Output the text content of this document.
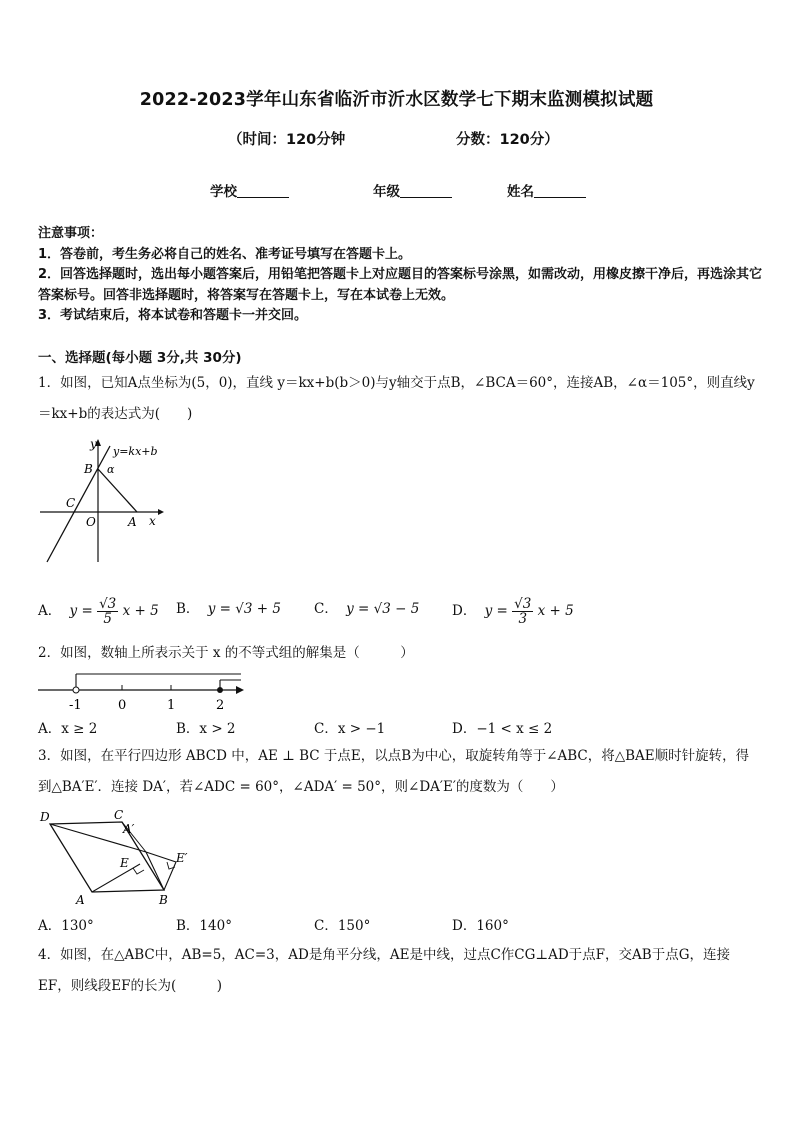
2022-2023学年山东省临沂市沂水区数学七下期末监测模拟试题
（时间：120分钟	分数：120分）
学校	年级	姓名
注意事项：
1．答卷前，考生务必将自己的姓名、准考证号填写在答题卡上。
2．回答选择题时，选出每小题答案后，用铅笔把答题卡上对应题目的答案标号涂黑，如需改动，用橡皮擦干净后，再选涂其它答案标号。回答非选择题时，将答案写在答题卡上，写在本试卷上无效。
3．考试结束后，将本试卷和答题卡一并交回。
一、选择题(每小题 3分,共 30分)
1．如图，已知A点坐标为(5，0)，直线 y＝kx+b(b＞0)与y轴交于点B，∠BCA＝60°，连接AB，∠α＝105°，则直线y＝kx+b的表达式为(　　)
y
y=kx+b
B α
C
O	A x
A． $y = \frac{√3}{5}$ x + 5 B． y = √3 + 5 C． y = √3 − 5 D． $y = \frac{√3}{3}$ x + 5
2．如图，数轴上所表示关于 x 的不等式组的解集是（　　　）
-1	0	1	2
A．x ≥ 2	B．x > 2	C．x > −1	D．−1 < x ≤ 2
3．如图，在平行四边形 ABCD 中，AE ⊥ BC 于点E，以点B为中心，取旋转角等于∠ABC，将△BAE顺时针旋转，得到△BA′E′．连接 DA′，若∠ADC = 60°，∠ADA′ = 50°，则∠DA′E′的度数为（　　）
D	C
A′
E	E′
A	B
A．130°	B．140°	C．150°	D．160°
4．如图，在△ABC中，AB=5，AC=3，AD是角平分线，AE是中线，过点C作CG⊥AD于点F，交AB于点G，连接EF，则线段EF的长为(　　　)
